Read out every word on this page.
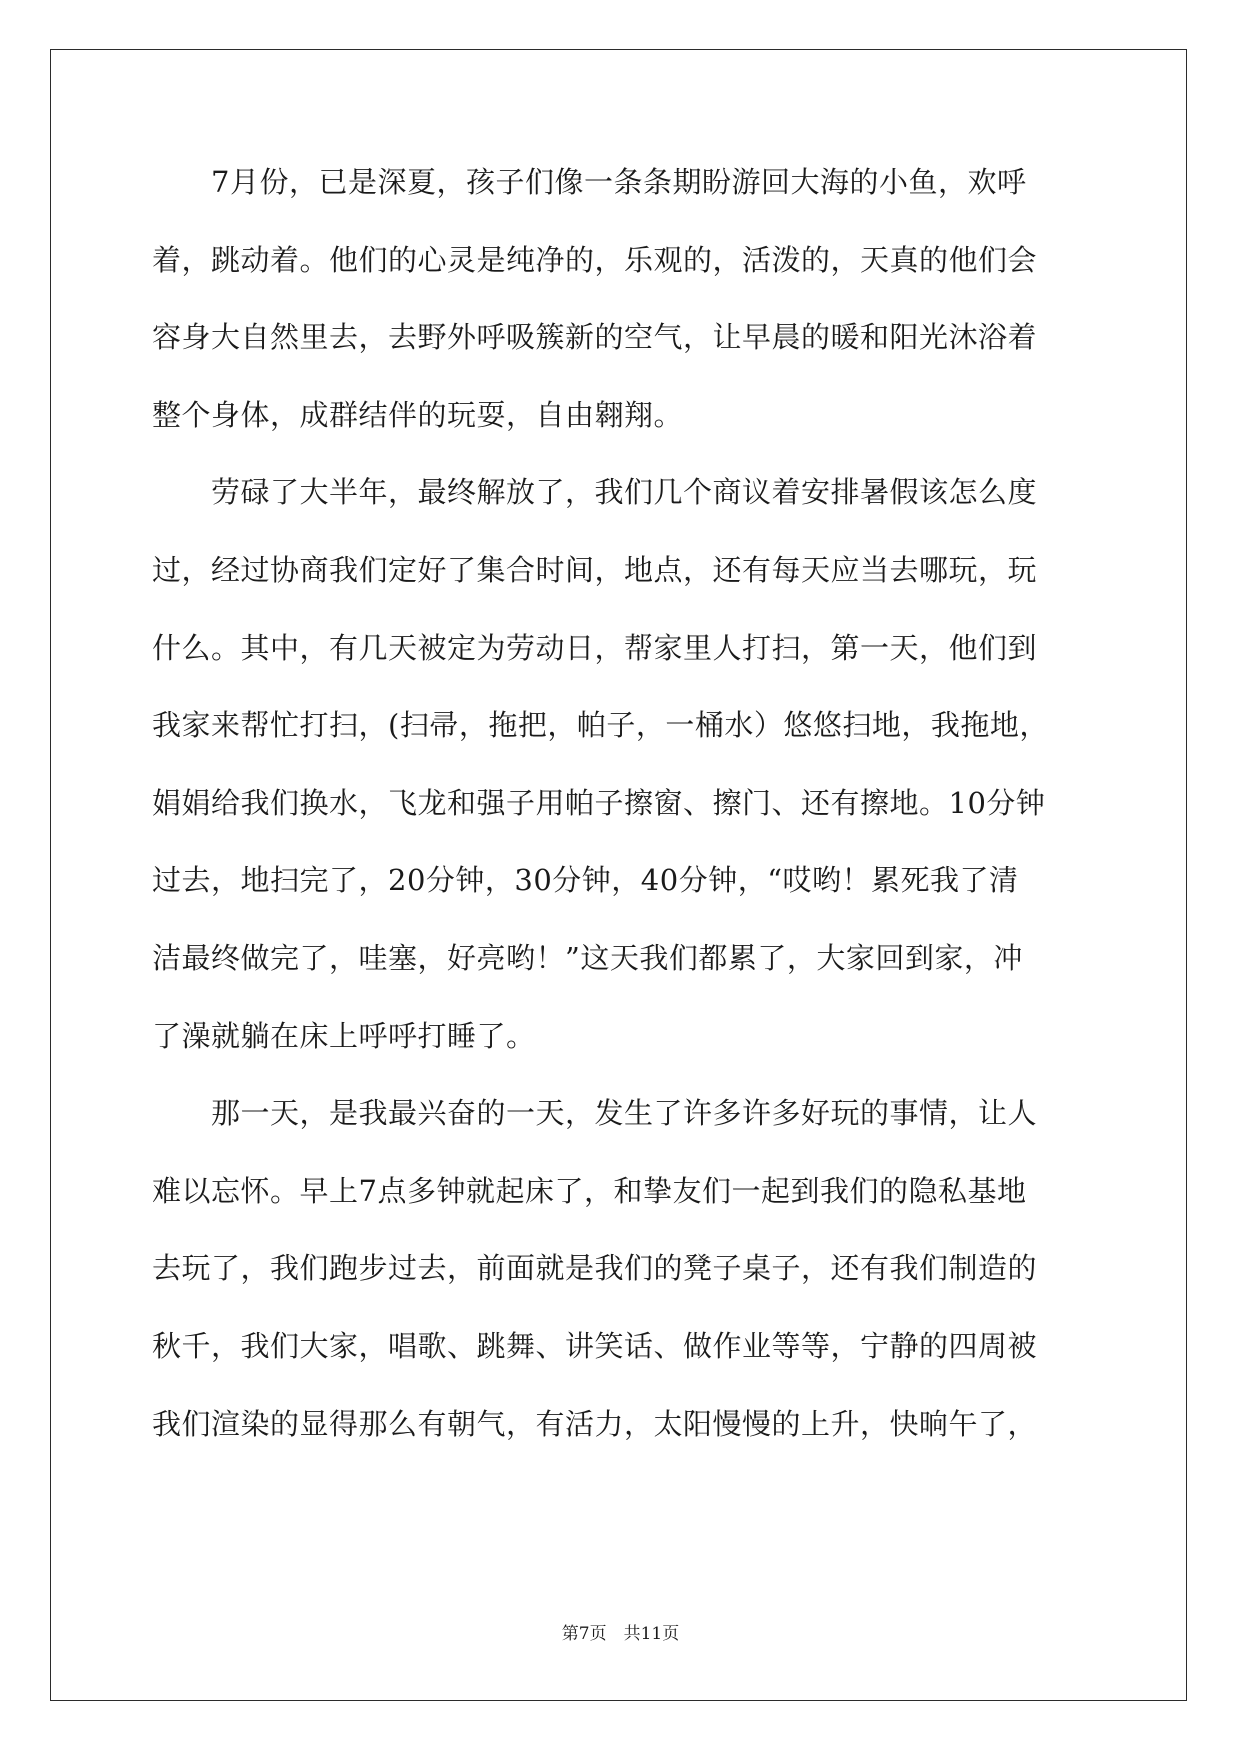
　　7月份，已是深夏，孩子们像一条条期盼游回大海的小鱼，欢呼
着，跳动着。他们的心灵是纯净的，乐观的，活泼的，天真的他们会
容身大自然里去，去野外呼吸簇新的空气，让早晨的暖和阳光沐浴着
整个身体，成群结伴的玩耍，自由翱翔。
　　劳碌了大半年，最终解放了，我们几个商议着安排暑假该怎么度
过，经过协商我们定好了集合时间，地点，还有每天应当去哪玩，玩
什么。其中，有几天被定为劳动日，帮家里人打扫，第一天，他们到
我家来帮忙打扫，(扫帚，拖把，帕子，一桶水）悠悠扫地，我拖地，
娟娟给我们换水，飞龙和强子用帕子擦窗、擦门、还有擦地。10分钟
过去，地扫完了，20分钟，30分钟，40分钟，“哎哟！累死我了清
洁最终做完了，哇塞，好亮哟！”这天我们都累了，大家回到家，冲
了澡就躺在床上呼呼打睡了。
　　那一天，是我最兴奋的一天，发生了许多许多好玩的事情，让人
难以忘怀。早上7点多钟就起床了，和挚友们一起到我们的隐私基地
去玩了，我们跑步过去，前面就是我们的凳子桌子，还有我们制造的
秋千，我们大家，唱歌、跳舞、讲笑话、做作业等等，宁静的四周被
我们渲染的显得那么有朝气，有活力，太阳慢慢的上升，快晌午了，
第7页　共11页
